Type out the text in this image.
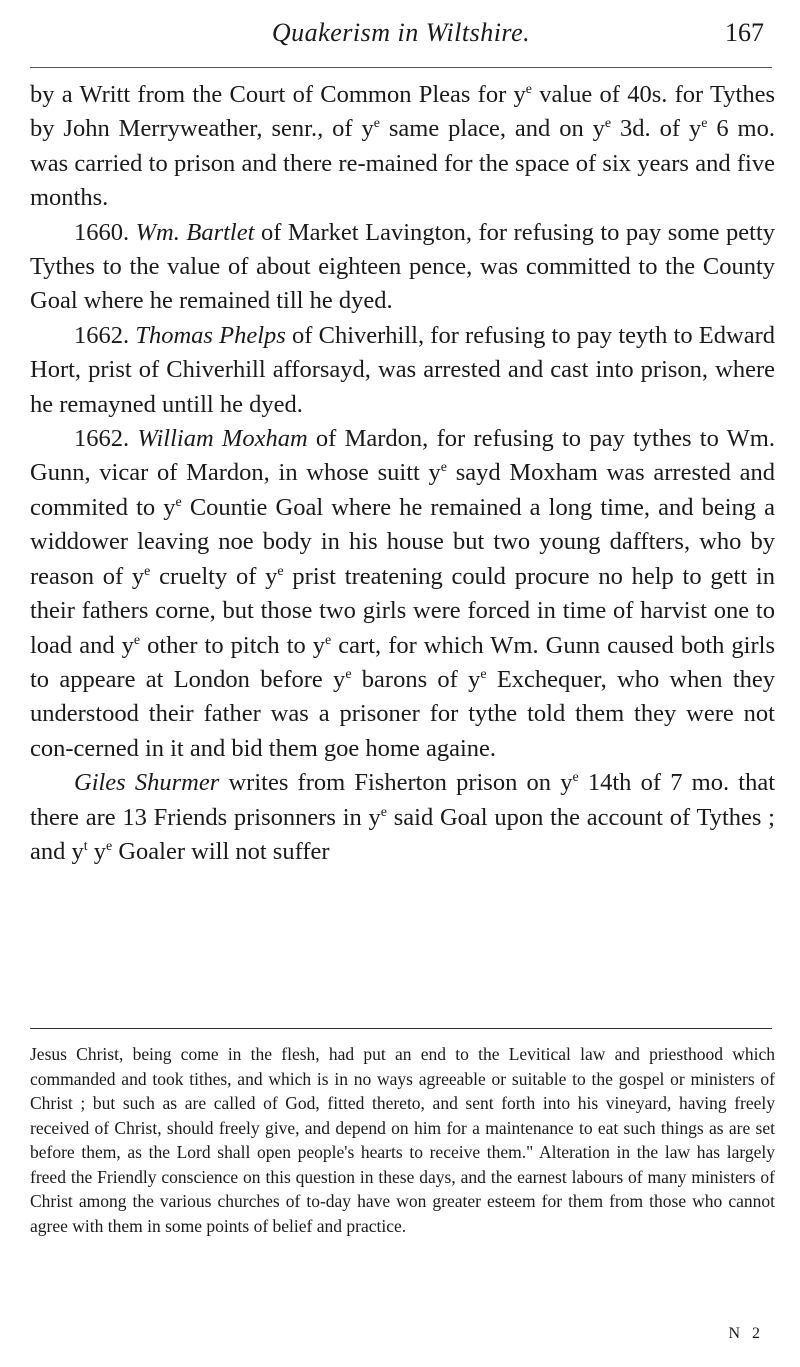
Quakerism in Wiltshire.	167

by a Writt from the Court of Common Pleas for $y^e$ value of 40s. for Tythes by John Merryweather, senr., of $y^e$ same place, and on $y^e$ 3d. of $y^e$ 6 mo. was carried to prison and there re-mained for the space of six years and five months.

1660. Wm. Bartlet of Market Lavington, for refusing to pay some petty Tythes to the value of about eighteen pence, was committed to the County Goal where he remained till he dyed.

1662. Thomas Phelps of Chiverhill, for refusing to pay teyth to Edward Hort, prist of Chiverhill afforsayd, was arrested and cast into prison, where he remayned untill he dyed.

1662. William Moxham of Mardon, for refusing to pay tythes to Wm. Gunn, vicar of Mardon, in whose suitt $y^e$ sayd Moxham was arrested and commited to $y^e$ Countie Goal where he remained a long time, and being a widdower leaving noe body in his house but two young daffters, who by reason of $y^e$ cruelty of $y^e$ prist treatening could procure no help to gett in their fathers corne, but those two girls were forced in time of harvist one to load and $y^e$ other to pitch to $y^e$ cart, for which Wm. Gunn caused both girls to appeare at London before $y^e$ barons of $y^e$ Exchequer, who when they understood their father was a prisoner for tythe told them they were not con-cerned in it and bid them goe home againe.

Giles Shurmer writes from Fisherton prison on $y^e$ 14th of 7 mo. that there are 13 Friends prisonners in $y^e$ said Goal upon the account of Tythes ; and $y^t$ $y^e$ Goaler will not suffer

Jesus Christ, being come in the flesh, had put an end to the Levitical law and priesthood which commanded and took tithes, and which is in no ways agreeable or suitable to the gospel or ministers of Christ ; but such as are called of God, fitted thereto, and sent forth into his vineyard, having freely received of Christ, should freely give, and depend on him for a maintenance to eat such things as are set before them, as the Lord shall open people's hearts to receive them." Alteration in the law has largely freed the Friendly conscience on this question in these days, and the earnest labours of many ministers of Christ among the various churches of to-day have won greater esteem for them from those who cannot agree with them in some points of belief and practice.

N 2
